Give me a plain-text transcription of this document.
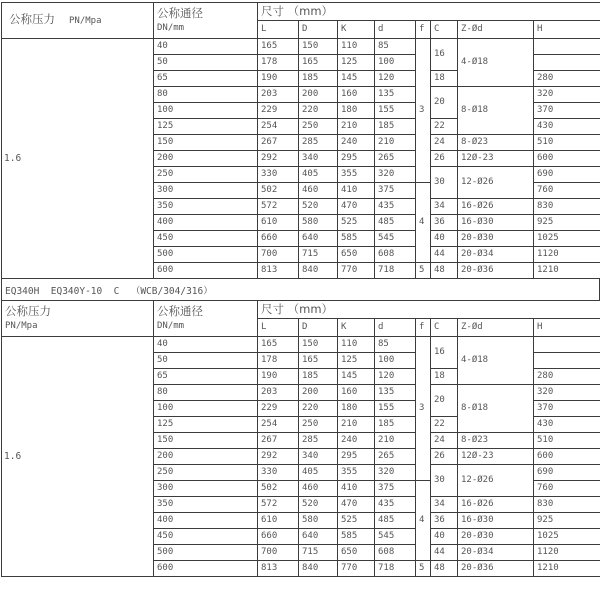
公称压力 PN/Mpa	公称通径
DN/mm	尺寸 （mm）							
		L	D	K	d	f	C	Z-Ød	H
1.6	40	165	150	110	85	3	16	4-Ø18	
	50	178	165	125	100				
	65	190	185	145	120		18		280
	80	203	200	160	135		20	8-Ø18	320
	100	229	220	180	155				370
	125	254	250	210	185		22		430
	150	267	285	240	210		24	8-Ø23	510
	200	292	340	295	265		26	12Ø-23	600
	250	330	405	355	320		30	12-Ø26	690
	300	502	460	410	375	4			760
	350	572	520	470	435		34	16-Ø26	830
	400	610	580	525	485		36	16-Ø30	925
	450	660	640	585	545		40	20-Ø30	1025
	500	700	715	650	608		44	20-Ø34	1120
	600	813	840	770	718	5	48	20-Ø36	1210
EQ340H  EQ340Y-10  C  （WCB/304/316）
公称压力
PN/Mpa

公称通径
DN/mm
	尺寸 （mm）
		L	D	K	d	f	C	Z-Ød	H
1.6	40	165	150	110	85	3	16	4-Ø18	
	50	178	165	125	100				
	65	190	185	145	120		18		280
	80	203	200	160	135		20	8-Ø18	320
	100	229	220	180	155				370
	125	254	250	210	185		22		430
	150	267	285	240	210		24	8-Ø23	510
	200	292	340	295	265		26	12Ø-23	600
	250	330	405	355	320		30	12-Ø26	690
	300	502	460	410	375	4			760
	350	572	520	470	435		34	16-Ø26	830
	400	610	580	525	485		36	16-Ø30	925
	450	660	640	585	545		40	20-Ø30	1025
	500	700	715	650	608		44	20-Ø34	1120
	600	813	840	770	718	5	48	20-Ø36	1210
